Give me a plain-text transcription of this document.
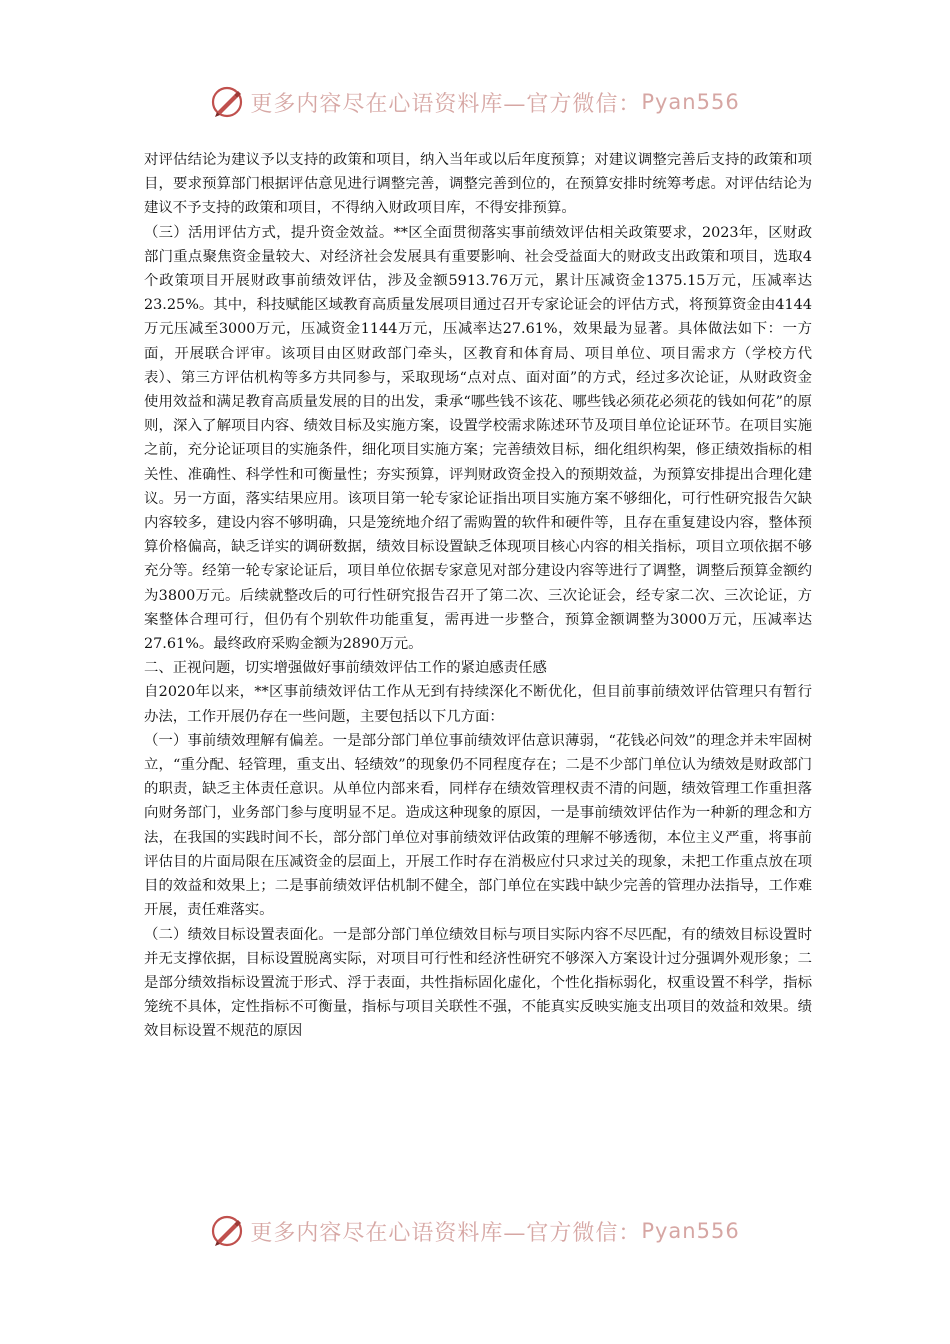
更多内容尽在心语资料库—官方微信： Pyan556

对评估结论为建议予以支持的政策和项目，纳入当年或以后年度预算；对建议调整完善后支持的政策和项目，要求预算部门根据评估意见进行调整完善，调整完善到位的，在预算安排时统筹考虑。对评估结论为建议不予支持的政策和项目，不得纳入财政项目库，不得安排预算。

（三）活用评估方式，提升资金效益。**区全面贯彻落实事前绩效评估相关政策要求，2023年，区财政部门重点聚焦资金量较大、对经济社会发展具有重要影响、社会受益面大的财政支出政策和项目，选取4个政策项目开展财政事前绩效评估，涉及金额5913.76万元，累计压减资金1375.15万元，压减率达23.25%。其中，科技赋能区域教育高质量发展项目通过召开专家论证会的评估方式，将预算资金由4144万元压减至3000万元，压减资金1144万元，压减率达27.61%，效果最为显著。具体做法如下：一方面，开展联合评审。该项目由区财政部门牵头，区教育和体育局、项目单位、项目需求方（学校方代表）、第三方评估机构等多方共同参与，采取现场“点对点、面对面”的方式，经过多次论证，从财政资金使用效益和满足教育高质量发展的目的出发，秉承“哪些钱不该花、哪些钱必须花必须花的钱如何花”的原则，深入了解项目内容、绩效目标及实施方案，设置学校需求陈述环节及项目单位论证环节。在项目实施之前，充分论证项目的实施条件，细化项目实施方案；完善绩效目标，细化组织构架，修正绩效指标的相关性、准确性、科学性和可衡量性；夯实预算，评判财政资金投入的预期效益，为预算安排提出合理化建议。另一方面，落实结果应用。该项目第一轮专家论证指出项目实施方案不够细化，可行性研究报告欠缺内容较多，建设内容不够明确，只是笼统地介绍了需购置的软件和硬件等，且存在重复建设内容，整体预算价格偏高，缺乏详实的调研数据，绩效目标设置缺乏体现项目核心内容的相关指标，项目立项依据不够充分等。经第一轮专家论证后，项目单位依据专家意见对部分建设内容等进行了调整，调整后预算金额约为3800万元。后续就整改后的可行性研究报告召开了第二次、三次论证会，经专家二次、三次论证，方案整体合理可行，但仍有个别软件功能重复，需再进一步整合，预算金额调整为3000万元，压减率达27.61%。最终政府采购金额为2890万元。

二、正视问题，切实增强做好事前绩效评估工作的紧迫感责任感

自2020年以来，**区事前绩效评估工作从无到有持续深化不断优化，但目前事前绩效评估管理只有暂行办法，工作开展仍存在一些问题，主要包括以下几方面：

（一）事前绩效理解有偏差。一是部分部门单位事前绩效评估意识薄弱，“花钱必问效”的理念并未牢固树立，“重分配、轻管理，重支出、轻绩效”的现象仍不同程度存在；二是不少部门单位认为绩效是财政部门的职责，缺乏主体责任意识。从单位内部来看，同样存在绩效管理权责不清的问题，绩效管理工作重担落向财务部门，业务部门参与度明显不足。造成这种现象的原因，一是事前绩效评估作为一种新的理念和方法，在我国的实践时间不长，部分部门单位对事前绩效评估政策的理解不够透彻，本位主义严重，将事前评估目的片面局限在压减资金的层面上，开展工作时存在消极应付只求过关的现象，未把工作重点放在项目的效益和效果上；二是事前绩效评估机制不健全，部门单位在实践中缺少完善的管理办法指导，工作难开展，责任难落实。

（二）绩效目标设置表面化。一是部分部门单位绩效目标与项目实际内容不尽匹配，有的绩效目标设置时并无支撑依据，目标设置脱离实际，对项目可行性和经济性研究不够深入方案设计过分强调外观形象；二是部分绩效指标设置流于形式、浮于表面，共性指标固化虚化，个性化指标弱化，权重设置不科学，指标笼统不具体，定性指标不可衡量，指标与项目关联性不强，不能真实反映实施支出项目的效益和效果。绩效目标设置不规范的原因

更多内容尽在心语资料库—官方微信： Pyan556
